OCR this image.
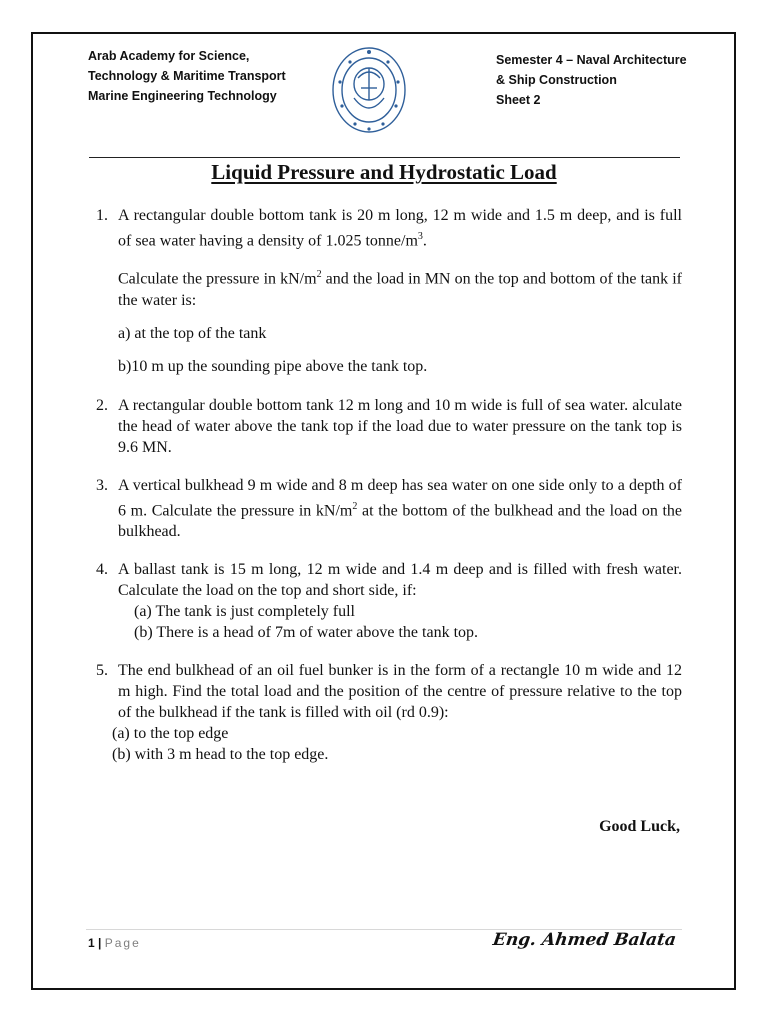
Arab Academy for Science,
Technology & Maritime Transport
Marine Engineering Technology
Semester 4 – Naval Architecture
& Ship Construction
Sheet 2
Liquid Pressure and Hydrostatic Load
1. A rectangular double bottom tank is 20 m long, 12 m wide and 1.5 m deep, and is full of sea water having a density of 1.025 tonne/$m^3$.
Calculate the pressure in $kN/m^2$ and the load in MN on the top and bottom of the tank if the water is:
a) at the top of the tank
b)10 m up the sounding pipe above the tank top.
2. A rectangular double bottom tank 12 m long and 10 m wide is full of sea water. alculate the head of water above the tank top if the load due to water pressure on the tank top is 9.6 MN.
3. A vertical bulkhead 9 m wide and 8 m deep has sea water on one side only to a depth of 6 m. Calculate the pressure in $kN/m^2$ at the bottom of the bulkhead and the load on the bulkhead.
4. A ballast tank is 15 m long, 12 m wide and 1.4 m deep and is filled with fresh water. Calculate the load on the top and short side, if:
(a) The tank is just completely full
(b) There is a head of 7m of water above the tank top.
5. The end bulkhead of an oil fuel bunker is in the form of a rectangle 10 m wide and 12 m high. Find the total load and the position of the centre of pressure relative to the top of the bulkhead if the tank is filled with oil (rd 0.9):
(a) to the top edge
(b) with 3 m head to the top edge.
Good Luck,
1 | Page	Eng. Ahmed Balata
